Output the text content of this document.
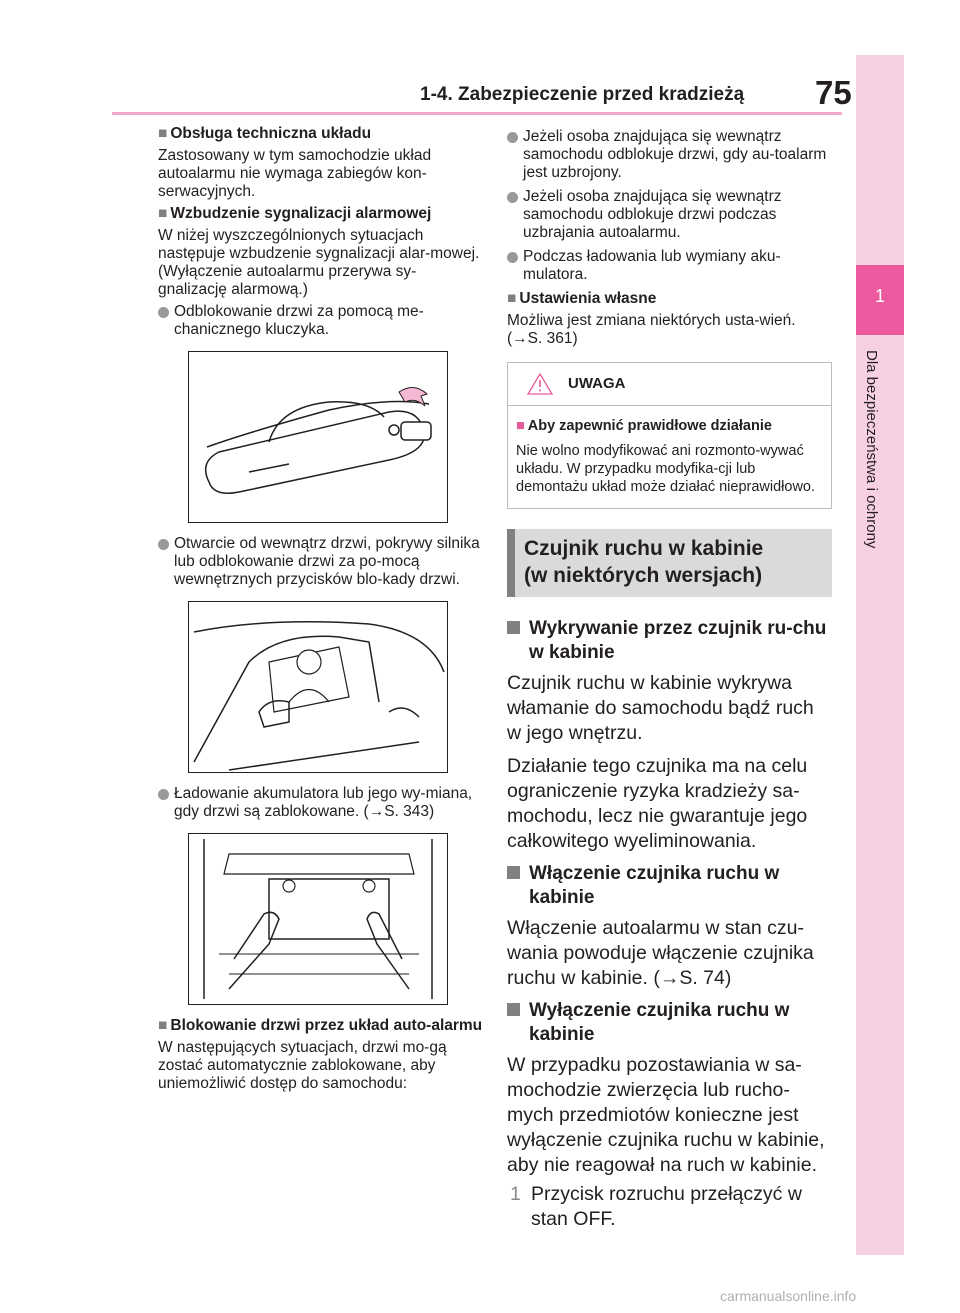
1-4. Zabezpieczenie przed kradzieżą 75
1
Dla bezpieczeństwa i ochrony
■ Obsługa techniczna układu
Zastosowany w tym samochodzie układ autoalarmu nie wymaga zabiegów kon-serwacyjnych.
■ Wzbudzenie sygnalizacji alarmowej
W niżej wyszczególnionych sytuacjach następuje wzbudzenie sygnalizacji alar-mowej.
(Wyłączenie autoalarmu przerywa sy-gnalizację alarmową.)
Odblokowanie drzwi za pomocą me-chanicznego kluczyka.
Otwarcie od wewnątrz drzwi, pokrywy silnika lub odblokowanie drzwi za po-mocą wewnętrznych przycisków blo-kady drzwi.
Ładowanie akumulatora lub jego wy-miana, gdy drzwi są zablokowane. (→S. 343)
■ Blokowanie drzwi przez układ auto-alarmu
W następujących sytuacjach, drzwi mo-gą zostać automatycznie zablokowane, aby uniemożliwić dostęp do samochodu:
Jeżeli osoba znajdująca się wewnątrz samochodu odblokuje drzwi, gdy au-toalarm jest uzbrojony.
Jeżeli osoba znajdująca się wewnątrz samochodu odblokuje drzwi podczas uzbrajania autoalarmu.
Podczas ładowania lub wymiany aku-mulatora.
■ Ustawienia własne
Możliwa jest zmiana niektórych usta-wień. (→S. 361)
UWAGA
■ Aby zapewnić prawidłowe działanie
Nie wolno modyfikować ani rozmonto-wywać układu. W przypadku modyfika-cji lub demontażu układ może działać nieprawidłowo.
Czujnik ruchu w kabinie
(w niektórych wersjach)
Wykrywanie przez czujnik ru-chu w kabinie
Czujnik ruchu w kabinie wykrywa włamanie do samochodu bądź ruch w jego wnętrzu.
Działanie tego czujnika ma na celu ograniczenie ryzyka kradzieży sa-mochodu, lecz nie gwarantuje jego całkowitego wyeliminowania.
Włączenie czujnika ruchu w kabinie
Włączenie autoalarmu w stan czu-wania powoduje włączenie czujnika ruchu w kabinie. (→S. 74)
Wyłączenie czujnika ruchu w kabinie
W przypadku pozostawiania w sa-mochodzie zwierzęcia lub rucho-mych przedmiotów konieczne jest wyłączenie czujnika ruchu w kabinie, aby nie reagował na ruch w kabinie.
1 Przycisk rozruchu przełączyć w stan OFF.
carmanualsonline.info
